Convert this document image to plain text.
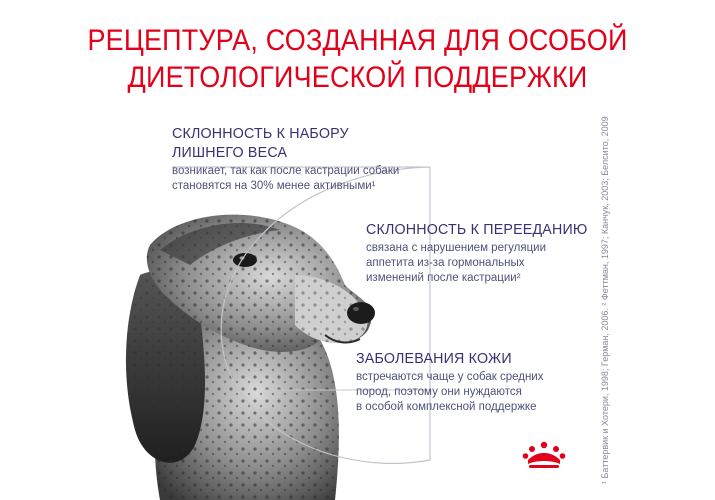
РЕЦЕПТУРА, СОЗДАННАЯ ДЛЯ ОСОБОЙ
ДИЕТОЛОГИЧЕСКОЙ ПОДДЕРЖКИ
СКЛОННОСТЬ К НАБОРУ ЛИШНЕГО ВЕСА
возникает, так как после кастрации собаки
становятся на 30% менее активными¹
СКЛОННОСТЬ К ПЕРЕЕДАНИЮ
связана с нарушением регуляции
аппетита из-за гормональных
изменений после кастрации²
ЗАБОЛЕВАНИЯ КОЖИ
встречаются чаще у собак средних
пород, поэтому они нуждаются
в особой комплексной поддержке	¹ Баттервик и Хотери, 1998; Герман, 2006. ² Феттман, 1997; Канчук, 2003; Белсито, 2009
